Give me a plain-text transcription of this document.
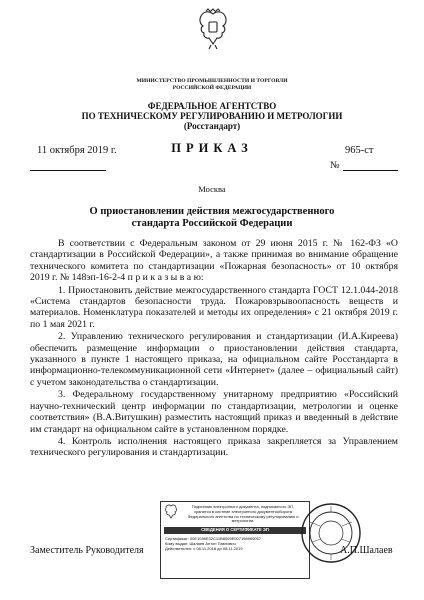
МИНИСТЕРСТВО ПРОМЫШЛЕННОСТИ И ТОРГОВЛИ
РОССИЙСКОЙ ФЕДЕРАЦИИ
ФЕДЕРАЛЬНОЕ АГЕНТСТВО
ПО ТЕХНИЧЕСКОМУ РЕГУЛИРОВАНИЮ И МЕТРОЛОГИИ
(Росстандарт)
11 октября 2019 г.	ПРИКАЗ	965-ст
№
Москва
О приостановлении действия межгосударственного
стандарта Российской Федерации

В соответствии с Федеральным законом от 29 июня 2015 г. № 162-ФЗ «О стандартизации в Российской Федерации», а также принимая во внимание обращение технического комитета по стандартизации «Пожарная безопасность» от 10 октября 2019 г. № 148эп-16-2-4 п р и к а з ы в а ю:

1. Приостановить действие межгосударственного стандарта ГОСТ 12.1.044-2018 «Система стандартов безопасности труда. Пожаровзрывоопасность веществ и материалов. Номенклатура показателей и методы их определения» с 21 октября 2019 г. по 1 мая 2021 г.

2. Управлению технического регулирования и стандартизации (И.А.Киреева) обеспечить размещение информации о приостановлении действия стандарта, указанного в пункте 1 настоящего приказа, на официальном сайте Росстандарта в информационно-телекоммуникационной сети «Интернет» (далее – официальный сайт) с учетом законодательства о стандартизации.

3. Федеральному государственному унитарному предприятию «Российский научно-технический центр информации по стандартизации, метрологии и оценке соответствия» (В.А.Витушкин) разместить настоящий приказ и введенный в действие им стандарт на официальном сайте в установленном порядке.

4. Контроль исполнения настоящего приказа закрепляется за Управлением технического регулирования и стандартизации.

Подлинник электронного документа, подписанного ЭП,
хранится в системе электронного документооборота
Федерального агентства по техническому регулированию и
метрологии.
СВЕДЕНИЯ О СЕРТИФИКАТЕ ЭП
Сертификат: 00E1036E32C11B8009E007198960057
Кому выдан: Шалаев Антон Павлович
Действителен: с 08.11.2018 до 08.11.2019
Заместитель Руководителя	А.П.Шалаев
